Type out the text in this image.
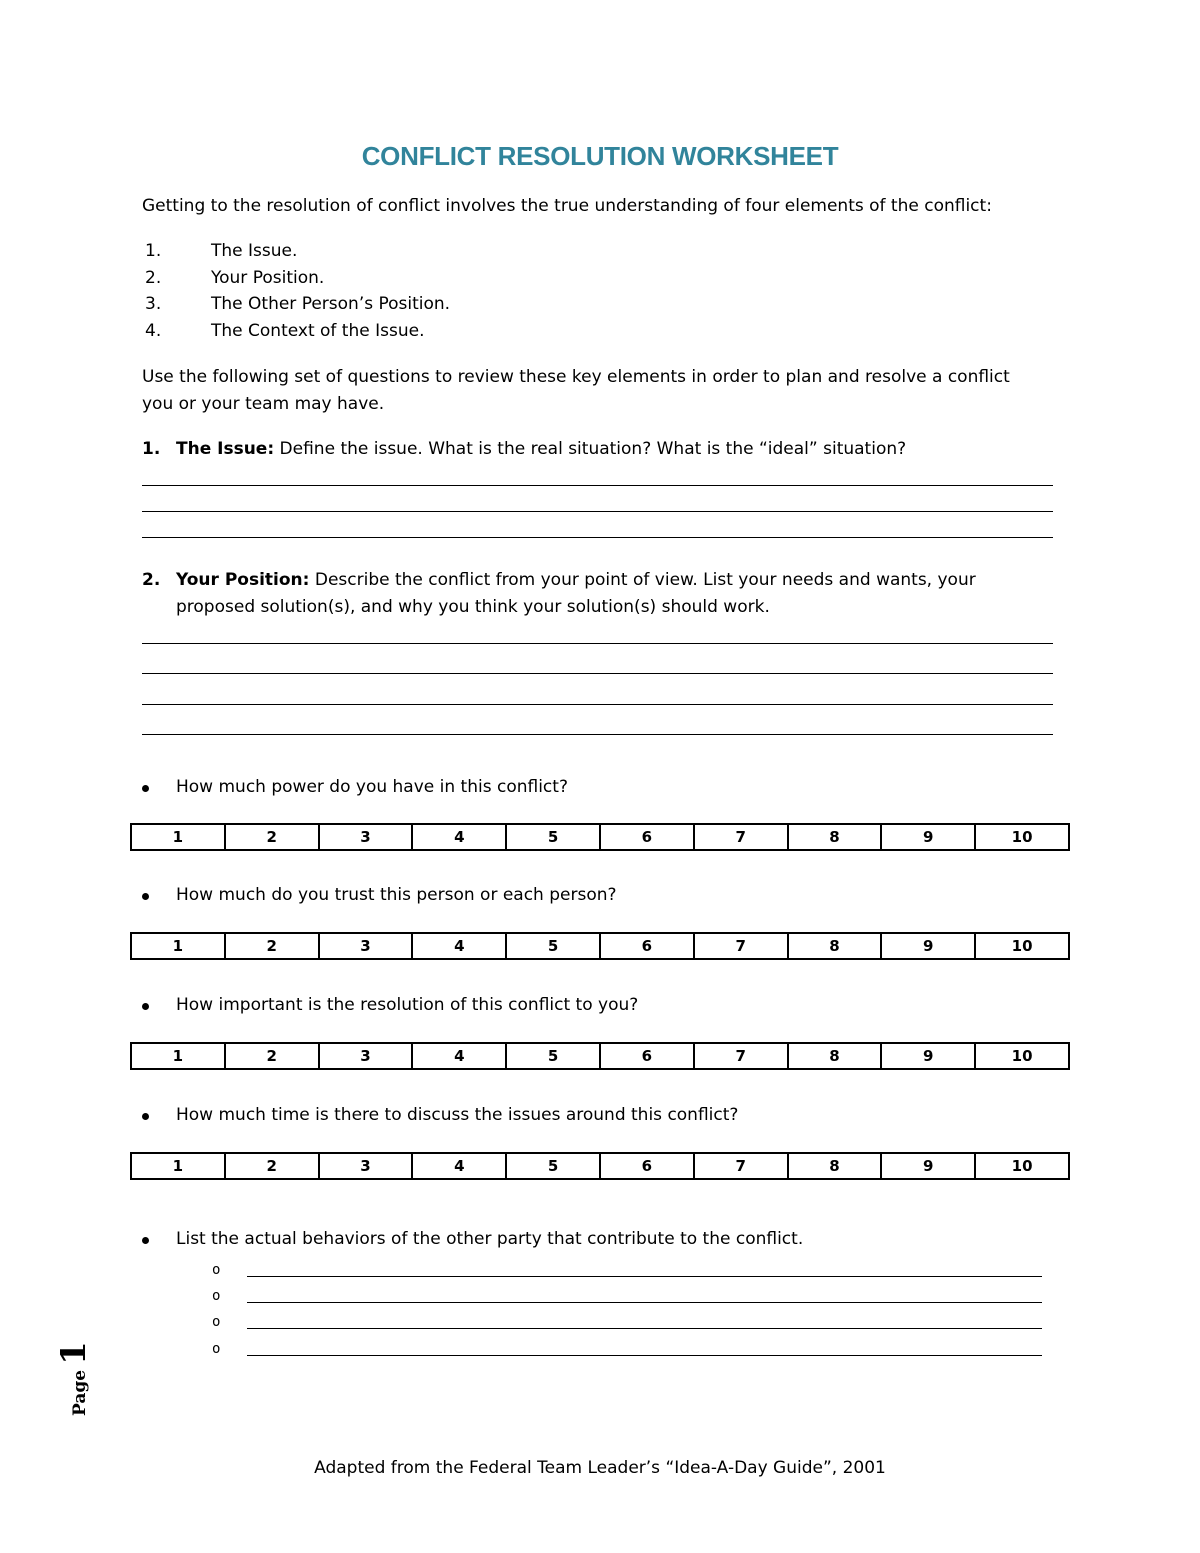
CONFLICT RESOLUTION WORKSHEET
Getting to the resolution of conflict involves the true understanding of four elements of the conflict:
1.	The Issue.
2.	Your Position.
3.	The Other Person’s Position.
4.	The Context of the Issue.
Use the following set of questions to review these key elements in order to plan and resolve a conflict
you or your team may have.
1. The Issue: Define the issue. What is the real situation? What is the “ideal” situation?
2. Your Position: Describe the conflict from your point of view. List your needs and wants, your
proposed solution(s), and why you think your solution(s) should work.
How much power do you have in this conflict?
1	2	3	4	5	6	7	8	9	10
How much do you trust this person or each person?
1	2	3	4	5	6	7	8	9	10
How important is the resolution of this conflict to you?
1	2	3	4	5	6	7	8	9	10
How much time is there to discuss the issues around this conflict?
1	2	3	4	5	6	7	8	9	10
List the actual behaviors of the other party that contribute to the conflict.
o
o
o
o
Page 1
Adapted from the Federal Team Leader’s “Idea-A-Day Guide”, 2001
